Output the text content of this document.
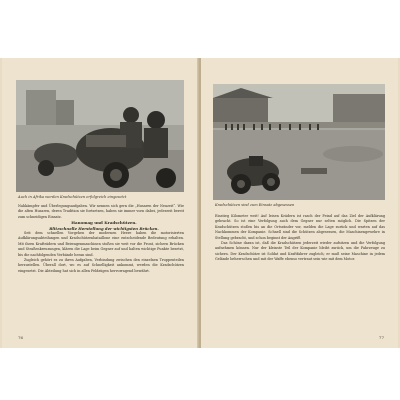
Auch in Afrika werden Kradschützen erfolgreich eingesetzt

Nahkämpfer und Überlegungsaufgaben. Wir nennen sich gern die „Husaren der Neuzeit“. Wie die alten Husaren, deren Tradition sie fortsetzen, haben sie immer vorn dabei, jederzeit bereit zum schneidigen Einsatz.

Hanomag und Kradschützen.

Blitzschnelle Herstellung der wichtigsten Brücken.

Seit dem schnellen Vorgehen der modernen Heere haben die motorisierten Aufklärungsabteilungen und Kradschützenbataillone eine entscheidende Bedeutung erhalten. Mit ihren Krafträdern und Beiwagenmaschinen stoßen sie weit vor die Front, sichern Brücken und Straßenkreuzungen, klären die Lage beim Gegner auf und halten wichtige Punkte besetzt, bis die nachfolgenden Verbände heran sind.

Zugleich gehört es zu ihren Aufgaben, Verbindung zwischen den einzelnen Truppenteilen herzustellen. Überall dort, wo es auf Schnelligkeit ankommt, werden die Kradschützen eingesetzt. Die Abteilung hat sich in allen Feldzügen hervorragend bewährt.

76
Kradschützen sind zum Einsatz abgesessen

Einstieg Kilometer weit! Auf leisen Krädern ist rasch der Feind auf das Ziel der Aufklärung gebracht. So ist eine Verfolgung auch dem Gegner nur selten möglich. Die Spitzen der Kradschützen stoßen bis an die Ortsränder vor, melden die Lage zurück und warten auf das Nachkommen der Kompanie. Schnell sind die Schützen abgesessen, die Maschinengewehre in Stellung gebracht, und schon beginnt der Angriff.

Das Schöne daran ist, daß die Kradschützen jederzeit wieder aufsitzen und die Verfolgung aufnehmen können. Nur der kleinste Teil der Kompanie bleibt zurück, um die Fahrzeuge zu sichern. Der Kradschütze ist Soldat und Kraftfahrer zugleich; er muß seine Maschine in jedem Gelände beherrschen und mit der Waffe ebenso vertraut sein wie mit dem Motor.

77
